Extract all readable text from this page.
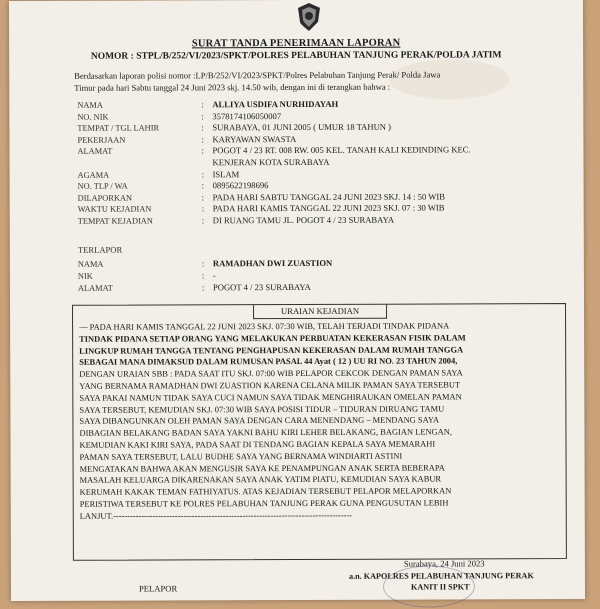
SURAT TANDA PENERIMAAN LAPORAN
NOMOR : STPL/B/252/VI/2023/SPKT/POLRES PELABUHAN TANJUNG PERAK/POLDA JATIM
Berdasarkan laporan polisi nomor :LP/B/252/VI/2023/SPKT/Polres Pelabuhan Tanjung Perak/ Polda Jawa
Timur pada hari Sabtu tanggal 24 Juni 2023 skj. 14.50 wib, dengan ini di terangkan bahwa :
NAMA	: ALLIYA USDIFA NURHIDAYAH
NO. NIK	: 3578174106050007
TEMPAT / TGL LAHIR	: SURABAYA, 01 JUNI 2005 ( UMUR 18 TAHUN )
PEKERJAAN	: KARYAWAN SWASTA
ALAMAT	: POGOT 4 / 23 RT. 008 RW. 005 KEL. TANAH KALI KEDINDING KEC.
KENJERAN KOTA SURABAYA
AGAMA	: ISLAM
NO. TLP / WA	: 0895622198696
DILAPORKAN	: PADA HARI SABTU TANGGAL 24 JUNI 2023 SKJ. 14 : 50 WIB
WAKTU KEJADIAN	: PADA HARI KAMIS TANGGAL 22 JUNI 2023 SKJ. 07 : 30 WIB
TEMPAT KEJADIAN	: DI RUANG TAMU JL. POGOT 4 / 23 SURABAYA
TERLAPOR
NAMA	: RAMADHAN DWI ZUASTION
NIK	: -
ALAMAT	: POGOT 4 / 23 SURABAYA
URAIAN KEJADIAN
— PADA HARI KAMIS TANGGAL 22 JUNI 2023 SKJ. 07:30 WIB, TELAH TERJADI TINDAK PIDANA
TINDAK PIDANA SETIAP ORANG YANG MELAKUKAN PERBUATAN KEKERASAN FISIK DALAM
LINGKUP RUMAH TANGGA TENTANG PENGHAPUSAN KEKERASAN DALAM RUMAH TANGGA
SEBAGAI MANA DIMAKSUD DALAM RUMUSAN PASAL 44 Ayat ( 12 ) UU RI NO. 23 TAHUN 2004,
DENGAN URAIAN SBB : PADA SAAT ITU SKJ. 07:00 WIB PELAPOR CEKCOK DENGAN PAMAN SAYA
YANG BERNAMA RAMADHAN DWI ZUASTION KARENA CELANA MILIK PAMAN SAYA TERSEBUT
SAYA PAKAI NAMUN TIDAK SAYA CUCI NAMUN SAYA TIDAK MENGHIRAUKAN OMELAN PAMAN
SAYA TERSEBUT, KEMUDIAN SKJ. 07:30 WIB SAYA POSISI TIDUR – TIDURAN DIRUANG TAMU
SAYA DIBANGUNKAN OLEH PAMAN SAYA DENGAN CARA MENENDANG – MENDANG SAYA
DIBAGIAN BELAKANG BADAN SAYA YAKNI BAHU KIRI LEHER BELAKANG, BAGIAN LENGAN,
KEMUDIAN KAKI KIRI SAYA, PADA SAAT DI TENDANG BAGIAN KEPALA SAYA MEMARAHI
PAMAN SAYA TERSEBUT, LALU BUDHE SAYA YANG BERNAMA WINDIARTI ASTINI
MENGATAKAN BAHWA AKAN MENGUSIR SAYA KE PENAMPUNGAN ANAK SERTA BEBERAPA
MASALAH KELUARGA DIKARENAKAN SAYA ANAK YATIM PIATU, KEMUDIAN SAYA KABUR
KERUMAH KAKAK TEMAN FATHIYATUS. ATAS KEJADIAN TERSEBUT PELAPOR MELAPORKAN
PERISTIWA TERSEBUT KE POLRES PELABUHAN TANJUNG PERAK GUNA PENGUSUTAN LEBIH
LANJUT.-------------------------------------------------------------------------------------
Surabaya, 24 Juni 2023
a.n. KAPOLRES PELABUHAN TANJUNG PERAK
KANIT II SPKT
PELAPOR
